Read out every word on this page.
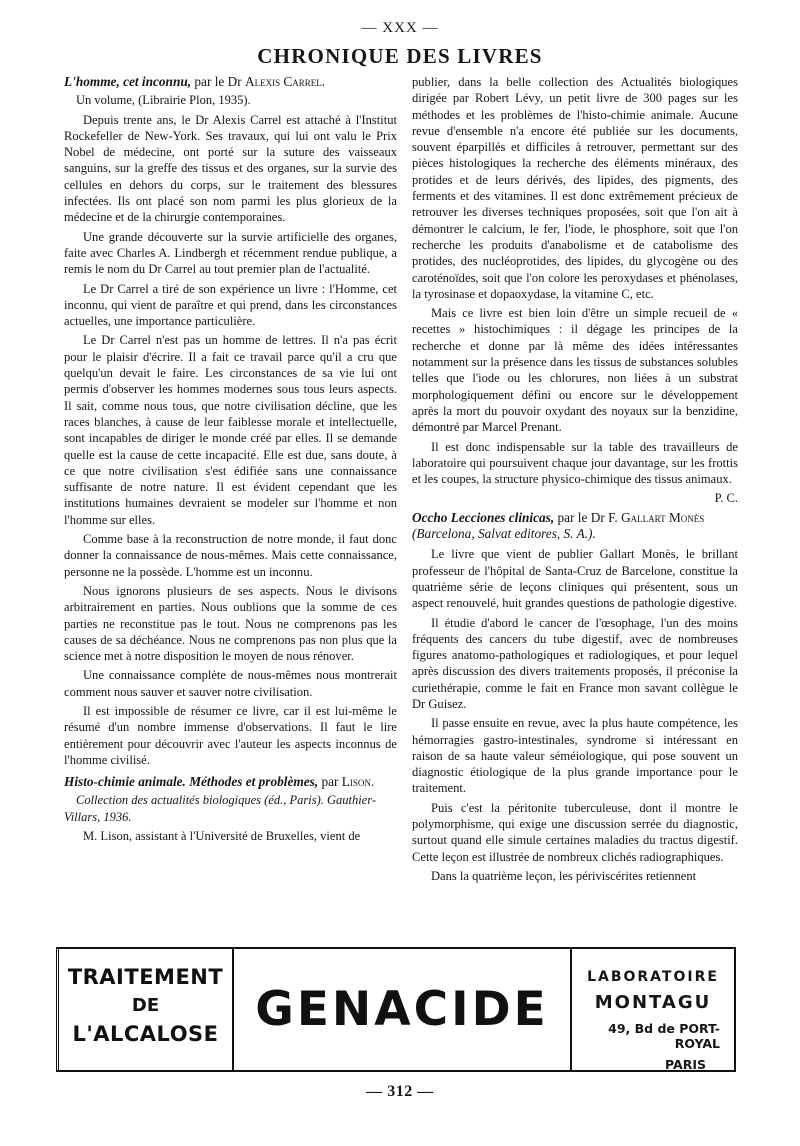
— XXX —
CHRONIQUE DES LIVRES
L'homme, cet inconnu, par le Dr Alexis Carrel.
Un volume, (Librairie Plon, 1935).

Depuis trente ans, le Dr Alexis Carrel est attaché à l'Institut Rockefeller de New-York. Ses travaux, qui lui ont valu le Prix Nobel de médecine, ont porté sur la suture des vaisseaux sanguins, sur la greffe des tissus et des organes, sur la survie des cellules en dehors du corps, sur le traitement des blessures infectées. Ils ont placé son nom parmi les plus glorieux de la médecine et de la chirurgie contemporaines.

Une grande découverte sur la survie artificielle des organes, faite avec Charles A. Lindbergh et récemment rendue publique, a remis le nom du Dr Carrel au tout premier plan de l'actualité.

Le Dr Carrel a tiré de son expérience un livre : l'Homme, cet inconnu, qui vient de paraître et qui prend, dans les circonstances actuelles, une importance particulière.

Le Dr Carrel n'est pas un homme de lettres. Il n'a pas écrit pour le plaisir d'écrire. Il a fait ce travail parce qu'il a cru que quelqu'un devait le faire. Les circonstances de sa vie lui ont permis d'observer les hommes modernes sous tous leurs aspects. Il sait, comme nous tous, que notre civilisation décline, que les races blanches, à cause de leur faiblesse morale et intellectuelle, sont incapables de diriger le monde créé par elles. Il se demande quelle est la cause de cette incapacité. Elle est due, sans doute, à ce que notre civilisation s'est édifiée sans une connaissance suffisante de notre nature. Il est évident cependant que les institutions humaines devraient se modeler sur l'homme et non l'homme sur elles.

Comme base à la reconstruction de notre monde, il faut donc donner la connaissance de nous-mêmes. Mais cette connaissance, personne ne la possède. L'homme est un inconnu.

Nous ignorons plusieurs de ses aspects. Nous le divisons arbitrairement en parties. Nous oublions que la somme de ces parties ne reconstitue pas le tout. Nous ne comprenons pas les causes de sa déchéance. Nous ne comprenons pas non plus que la science met à notre disposition le moyen de nous rénover.

Une connaissance complète de nous-mêmes nous montrerait comment nous sauver et sauver notre civilisation.

Il est impossible de résumer ce livre, car il est lui-même le résumé d'un nombre immense d'observations. Il faut le lire entièrement pour découvrir avec l'auteur les aspects inconnus de l'homme civilisé.

Histo-chimie animale. Méthodes et problèmes, par Lison.
Collection des actualités biologiques (éd., Paris). Gauthier-Villars, 1936.

M. Lison, assistant à l'Université de Bruxelles, vient de

publier, dans la belle collection des Actualités biologiques dirigée par Robert Lévy, un petit livre de 300 pages sur les méthodes et les problèmes de l'histo-chimie animale. Aucune revue d'ensemble n'a encore été publiée sur les documents, souvent éparpillés et difficiles à retrouver, permettant sur des pièces histologiques la recherche des éléments minéraux, des protides et de leurs dérivés, des lipides, des pigments, des ferments et des vitamines. Il est donc extrêmement précieux de retrouver les diverses techniques proposées, soit que l'on ait à démontrer le calcium, le fer, l'iode, le phosphore, soit que l'on recherche les produits d'anabolisme et de catabolisme des protides, des nucléoprotides, des lipides, du glycogène ou des caroténoïdes, soit que l'on colore les peroxydases et phénolases, la tyrosinase et dopaoxydase, la vitamine C, etc.

Mais ce livre est bien loin d'être un simple recueil de « recettes » histochimiques : il dégage les principes de la recherche et donne par là même des idées intéressantes notamment sur la présence dans les tissus de substances solubles telles que l'iode ou les chlorures, non liées à un substrat morphologiquement défini ou encore sur le développement après la mort du pouvoir oxydant des noyaux sur la benzidine, démontré par Marcel Prenant.

Il est donc indispensable sur la table des travailleurs de laboratoire qui poursuivent chaque jour davantage, sur les frottis et les coupes, la structure physico-chimique des tissus animaux.

P. C.
Occho Lecciones clinicas, par le Dr F. Gallart Monès (Barcelona, Salvat editores, S. A.).

Le livre que vient de publier Gallart Monès, le brillant professeur de l'hôpital de Santa-Cruz de Barcelone, constitue la quatrième série de leçons cliniques qui présentent, sous un aspect renouvelé, huit grandes questions de pathologie digestive.

Il étudie d'abord le cancer de l'œsophage, l'un des moins fréquents des cancers du tube digestif, avec de nombreuses figures anatomo-pathologiques et radiologiques, et pour lequel après discussion des divers traitements proposés, il préconise la curiethérapie, comme le fait en France mon savant collègue le Dr Guisez.

Il passe ensuite en revue, avec la plus haute compétence, les hémorragies gastro-intestinales, syndrome si intéressant en raison de sa haute valeur séméiologique, qui pose souvent un diagnostic étiologique de la plus grande importance pour le traitement.

Puis c'est la péritonite tuberculeuse, dont il montre le polymorphisme, qui exige une discussion serrée du diagnostic, surtout quand elle simule certaines maladies du tractus digestif. Cette leçon est illustrée de nombreux clichés radiographiques.

Dans la quatrième leçon, les périviscérites retiennent

TRAITEMENT
DE
L'ALCALOSE GENACIDE
LABORATOIRE
MONTAGU
49, Bd de PORT-ROYAL
PARIS
— 312 —
